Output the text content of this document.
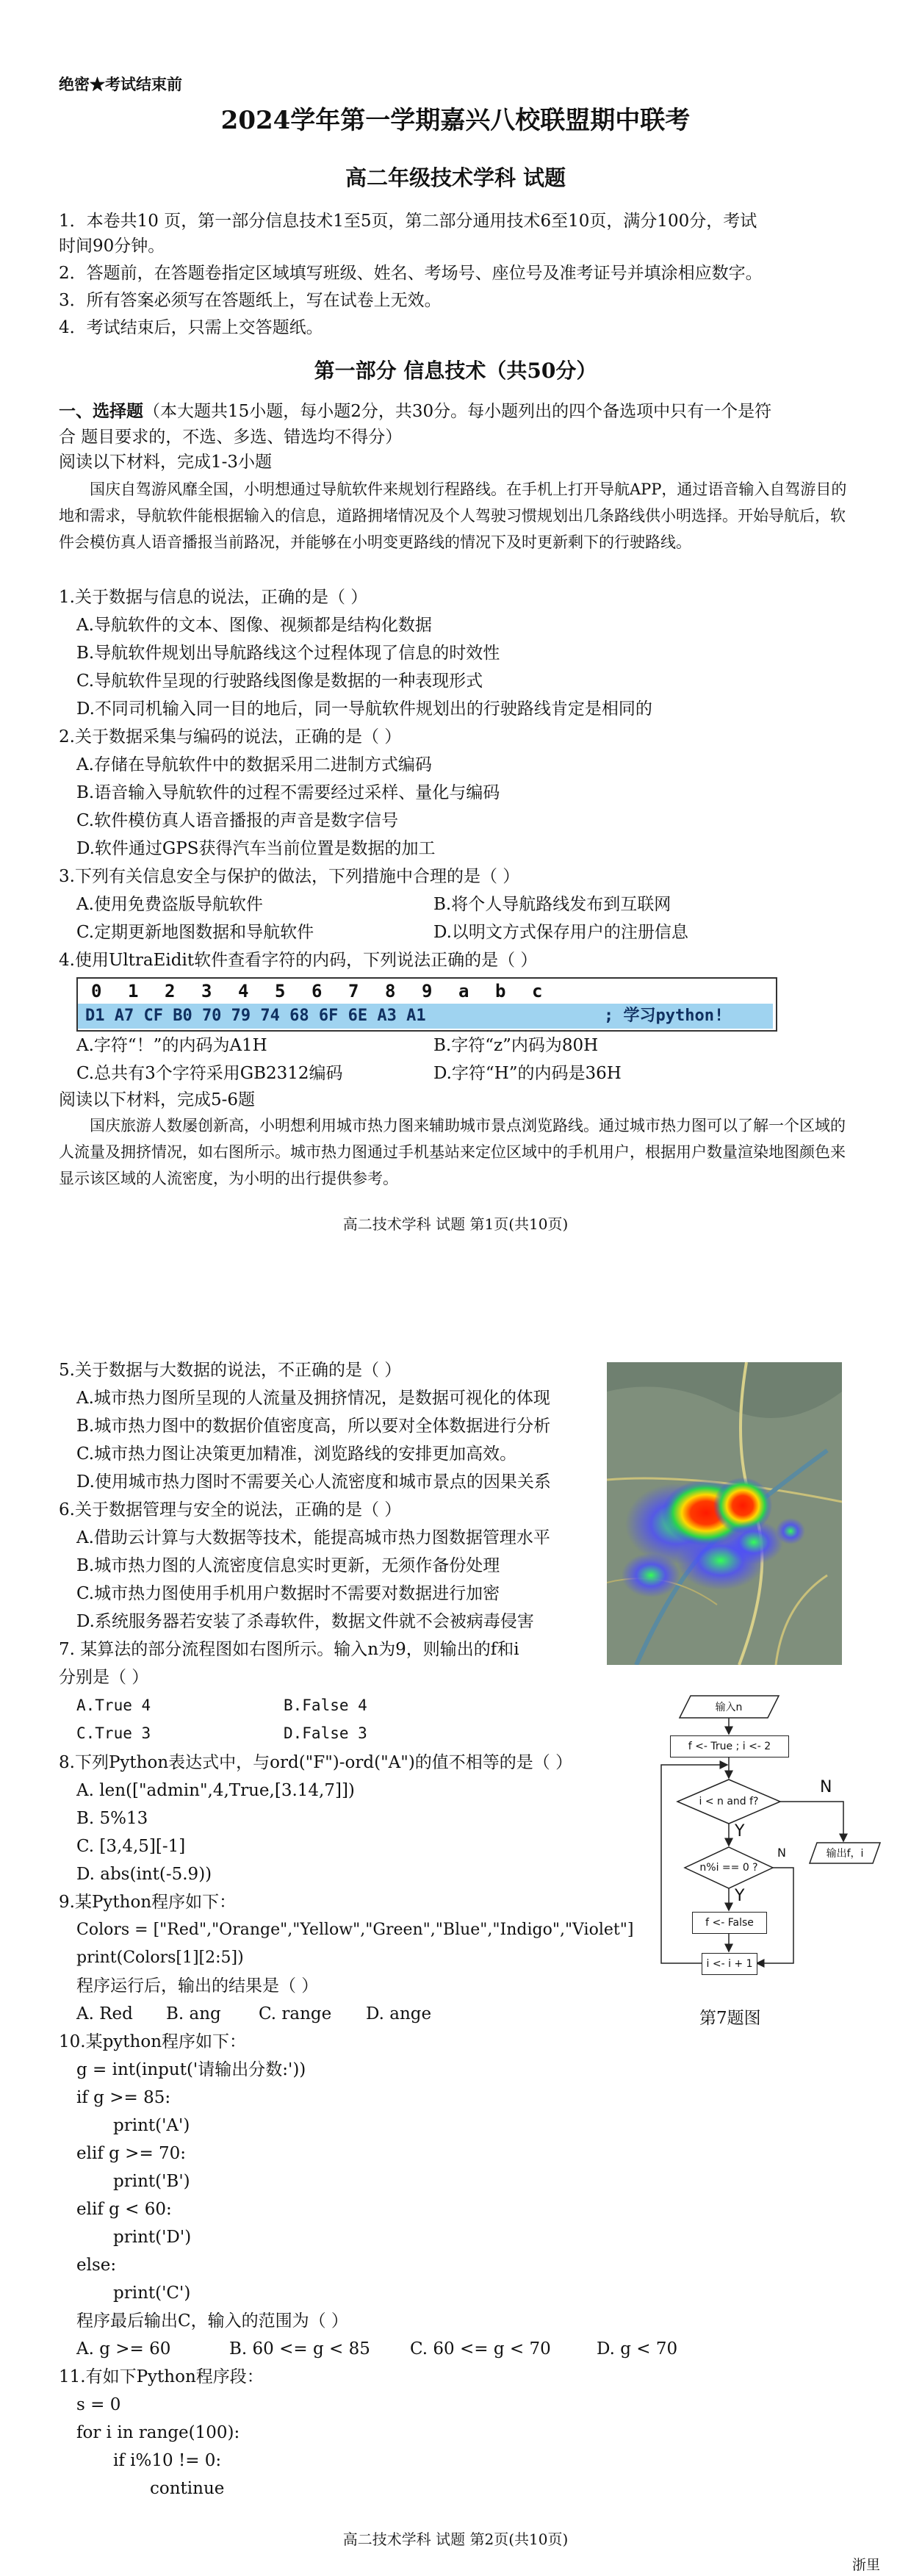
绝密★考试结束前
2024学年第一学期嘉兴八校联盟期中联考
高二年级技术学科 试题
1．本卷共10 页，第一部分信息技术1至5页，第二部分通用技术6至10页，满分100分，考试
时间90分钟。
2．答题前，在答题卷指定区域填写班级、姓名、考场号、座位号及准考证号并填涂相应数字。
3．所有答案必须写在答题纸上，写在试卷上无效。
4．考试结束后，只需上交答题纸。
第一部分 信息技术（共50分）
一、选择题（本大题共15小题，每小题2分，共30分。每小题列出的四个备选项中只有一个是符
合 题目要求的，不选、多选、错选均不得分）
阅读以下材料，完成1-3小题
国庆自驾游风靡全国，小明想通过导航软件来规划行程路线。在手机上打开导航APP，通过语音输入自驾游目的地和需求，导航软件能根据输入的信息，道路拥堵情况及个人驾驶习惯规划出几条路线供小明选择。开始导航后，软件会模仿真人语音播报当前路况，并能够在小明变更路线的情况下及时更新剩下的行驶路线。
1.关于数据与信息的说法，正确的是（ ）
A.导航软件的文本、图像、视频都是结构化数据
B.导航软件规划出导航路线这个过程体现了信息的时效性
C.导航软件呈现的行驶路线图像是数据的一种表现形式
D.不同司机输入同一目的地后，同一导航软件规划出的行驶路线肯定是相同的
2.关于数据采集与编码的说法，正确的是（ ）
A.存储在导航软件中的数据采用二进制方式编码
B.语音输入导航软件的过程不需要经过采样、量化与编码
C.软件模仿真人语音播报的声音是数字信号
D.软件通过GPS获得汽车当前位置是数据的加工
3.下列有关信息安全与保护的做法，下列措施中合理的是（ ）
A.使用免费盗版导航软件	B.将个人导航路线发布到互联网
C.定期更新地图数据和导航软件	D.以明文方式保存用户的注册信息
4.使用UltraEidit软件查看字符的内码，下列说法正确的是（ ）
0 1 2 3 4 5 6 7 8 9 a b c
D1 A7 CF B0 70 79 74 68 6F 6E A3 A1	; 学习python!
A.字符“！”的内码为A1H	B.字符“z”内码为80H
C.总共有3个字符采用GB2312编码	D.字符“H”的内码是36H
阅读以下材料，完成5-6题
国庆旅游人数屡创新高，小明想利用城市热力图来辅助城市景点浏览路线。通过城市热力图可以了解一个区域的人流量及拥挤情况，如右图所示。城市热力图通过手机基站来定位区域中的手机用户，根据用户数量渲染地图颜色来显示该区域的人流密度，为小明的出行提供参考。
高二技术学科 试题 第1页(共10页)
5.关于数据与大数据的说法，不正确的是（ ）
A.城市热力图所呈现的人流量及拥挤情况，是数据可视化的体现
B.城市热力图中的数据价值密度高，所以要对全体数据进行分析
C.城市热力图让决策更加精准，浏览路线的安排更加高效。
D.使用城市热力图时不需要关心人流密度和城市景点的因果关系
6.关于数据管理与安全的说法，正确的是（ ）
A.借助云计算与大数据等技术，能提高城市热力图数据管理水平
B.城市热力图的人流密度信息实时更新，无须作备份处理
C.城市热力图使用手机用户数据时不需要对数据进行加密
D.系统服务器若安装了杀毒软件，数据文件就不会被病毒侵害
7. 某算法的部分流程图如右图所示。输入n为9，则输出的f和i
分别是（ ）
A.True 4	B.False 4
C.True 3	D.False 3
输入n
f <- True ; i <- 2
i < n and f?
n%i == 0 ?
f <- False
i <- i + 1
输出f，i
Y
Y
N
N
第7题图
8.下列Python表达式中，与ord("F")-ord("A")的值不相等的是（ ）
A. len(["admin",4,True,[3.14,7]])
B. 5%13
C. [3,4,5][-1]
D. abs(int(-5.9))
9.某Python程序如下：
Colors = ["Red","Orange","Yellow","Green","Blue","Indigo","Violet"]
print(Colors[1][2:5])
程序运行后，输出的结果是（ ）
A. Red B. ang C. range D. ange
10.某python程序如下：
g = int(input('请输出分数:'))
if g >= 85:
print('A')
elif g >= 70:
print('B')
elif g < 60:
print('D')
else:
print('C')
程序最后输出C，输入的范围为（ ）
A. g >= 60	B. 60 <= g < 85 C. 60 <= g < 70	D. g < 70
11.有如下Python程序段：
s = 0
for i in range(100):
if i%10 != 0:
continue
高二技术学科 试题 第2页(共10页)
浙里
